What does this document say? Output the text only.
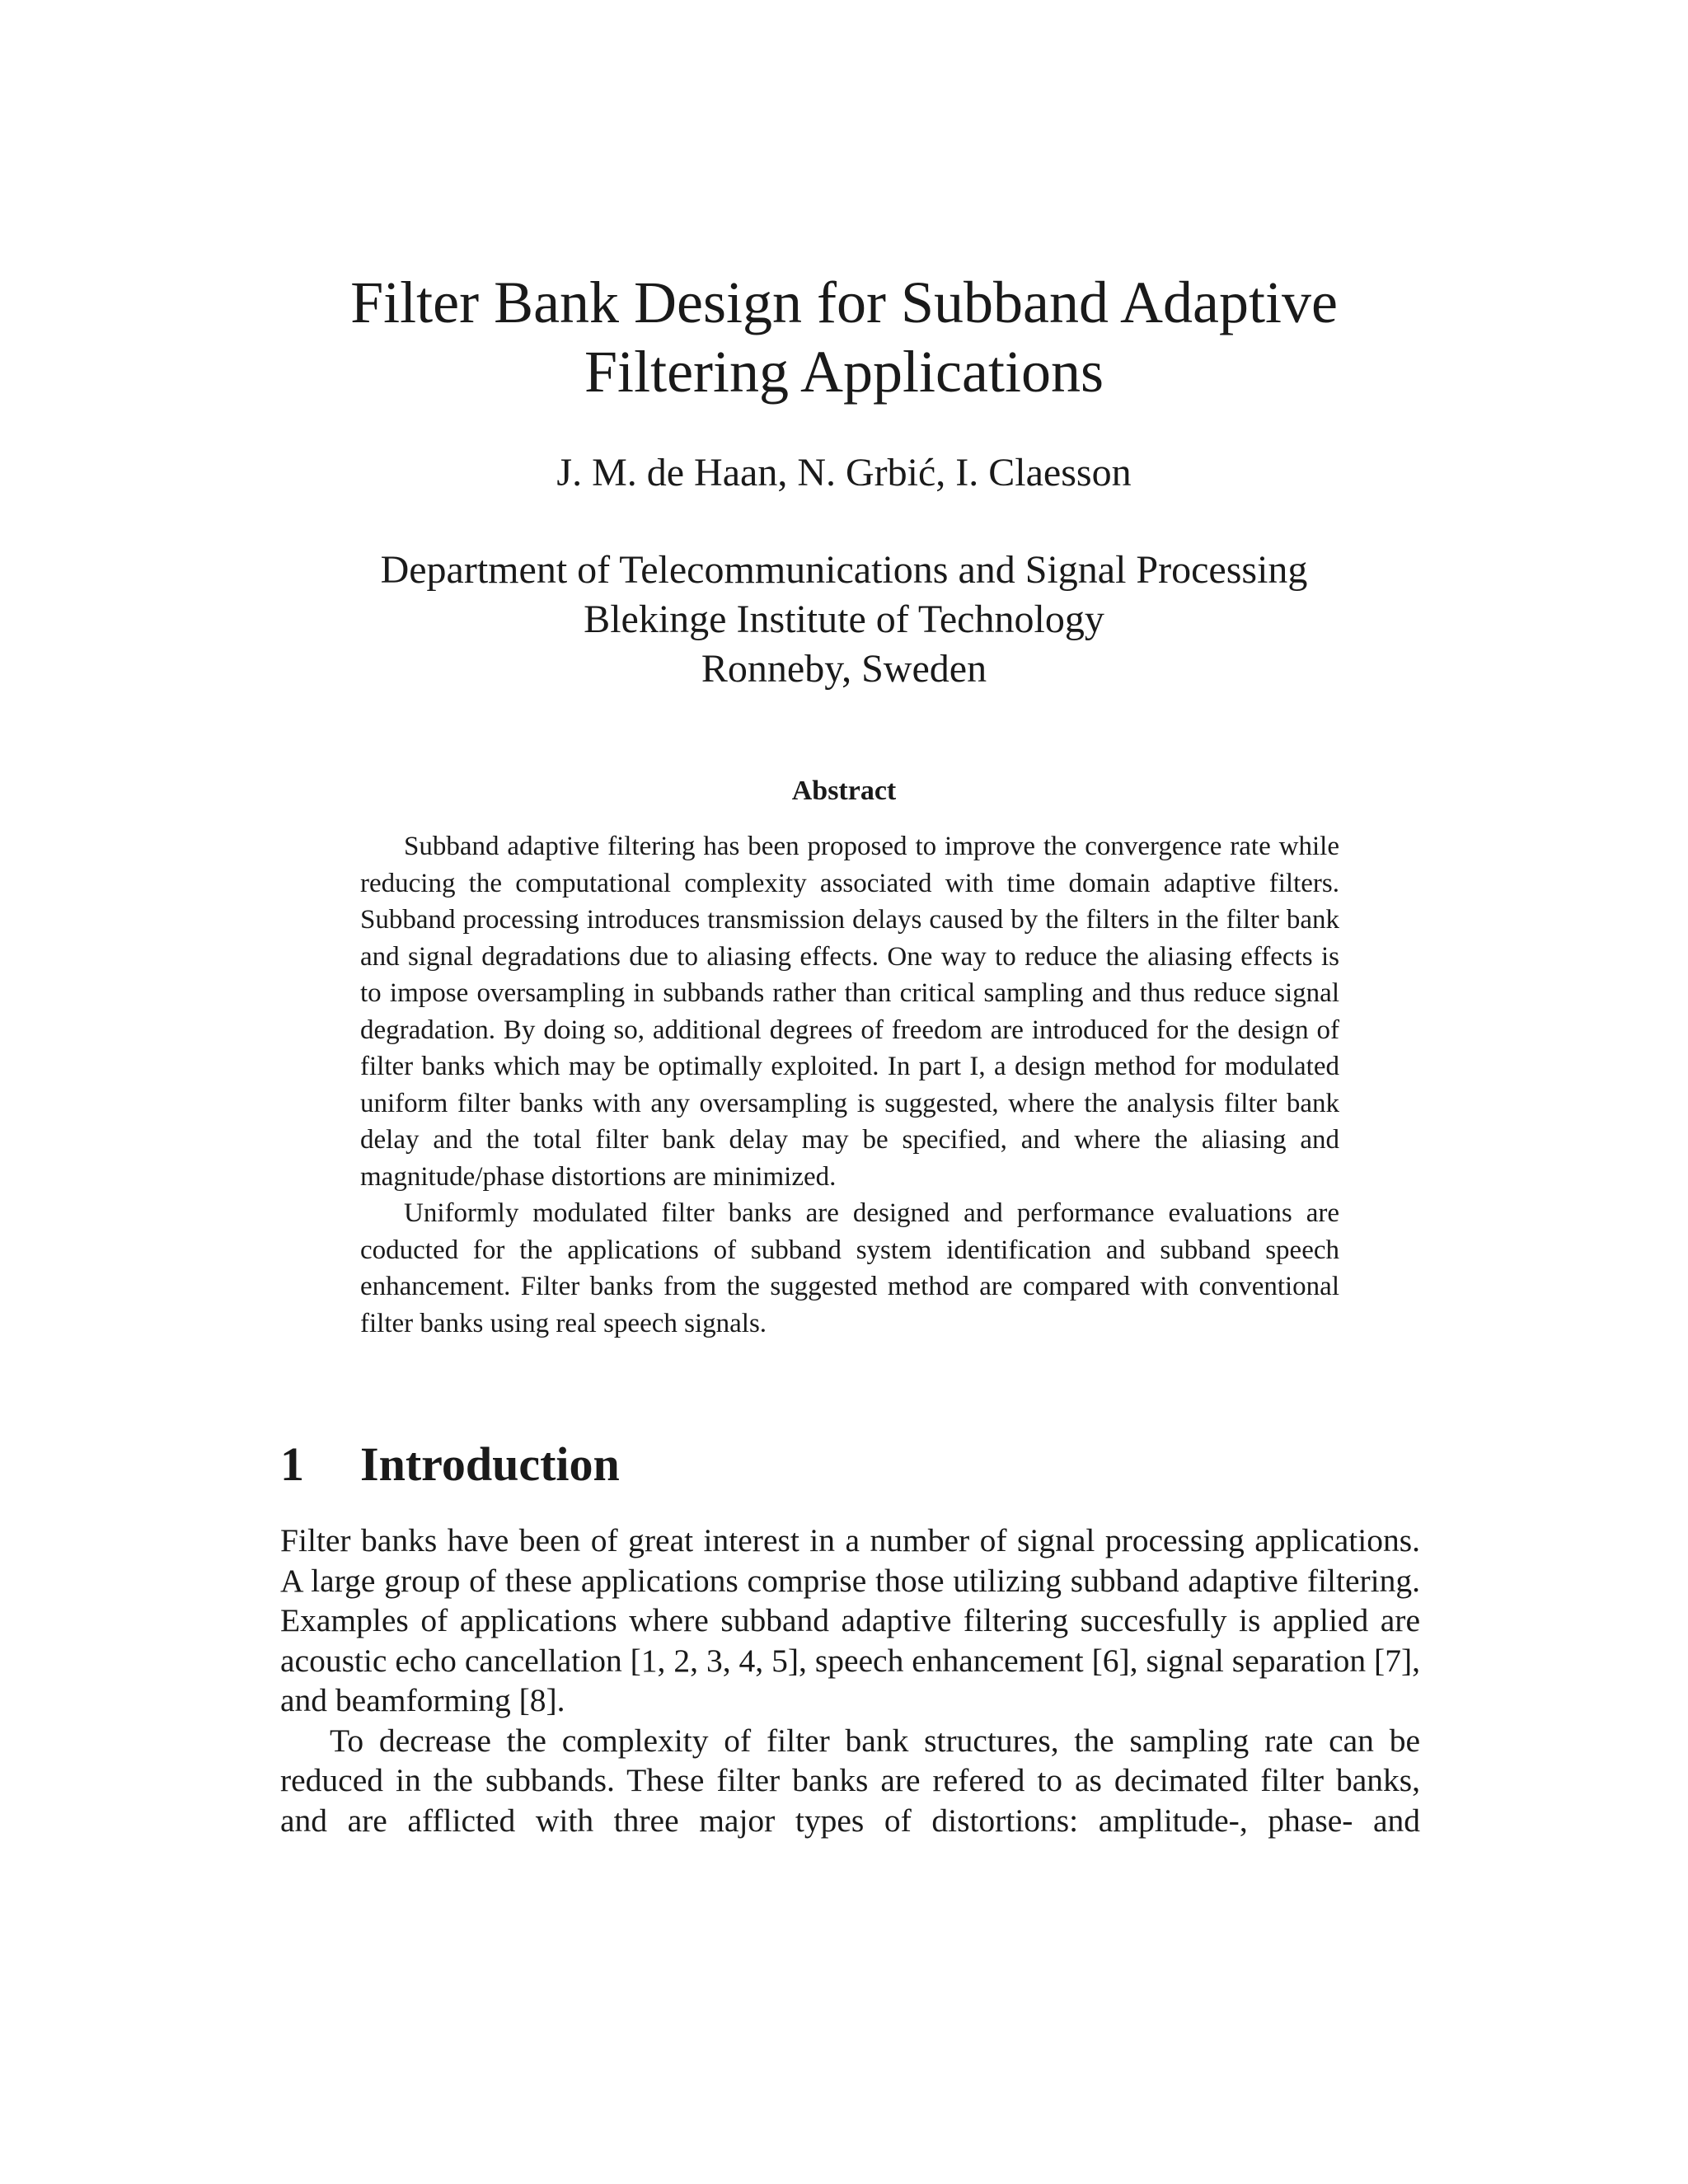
Filter Bank Design for Subband Adaptive
Filtering Applications
J. M. de Haan, N. Grbić, I. Claesson
Department of Telecommunications and Signal Processing
Blekinge Institute of Technology
Ronneby, Sweden
Abstract

Subband adaptive filtering has been proposed to improve the convergence rate while reducing the computational complexity associated with time domain adaptive filters. Subband processing introduces transmission delays caused by the filters in the filter bank and signal degradations due to aliasing effects. One way to reduce the aliasing effects is to impose oversampling in subbands rather than critical sampling and thus reduce signal degradation. By doing so, additional degrees of freedom are introduced for the design of filter banks which may be optimally exploited. In part I, a design method for modulated uniform filter banks with any oversampling is suggested, where the analysis filter bank delay and the total filter bank delay may be specified, and where the aliasing and magnitude/phase distortions are minimized.

Uniformly modulated filter banks are designed and performance evaluations are coducted for the applications of subband system identification and subband speech enhancement. Filter banks from the suggested method are compared with conventional filter banks using real speech signals.

1 Introduction

Filter banks have been of great interest in a number of signal processing applications. A large group of these applications comprise those utilizing subband adaptive filtering. Examples of applications where subband adaptive filtering succesfully is applied are acoustic echo cancellation [1, 2, 3, 4, 5], speech enhancement [6], signal separation [7], and beamforming [8].

To decrease the complexity of filter bank structures, the sampling rate can be reduced in the subbands. These filter banks are refered to as decimated filter banks, and are afflicted with three major types of distortions: amplitude-, phase- and
